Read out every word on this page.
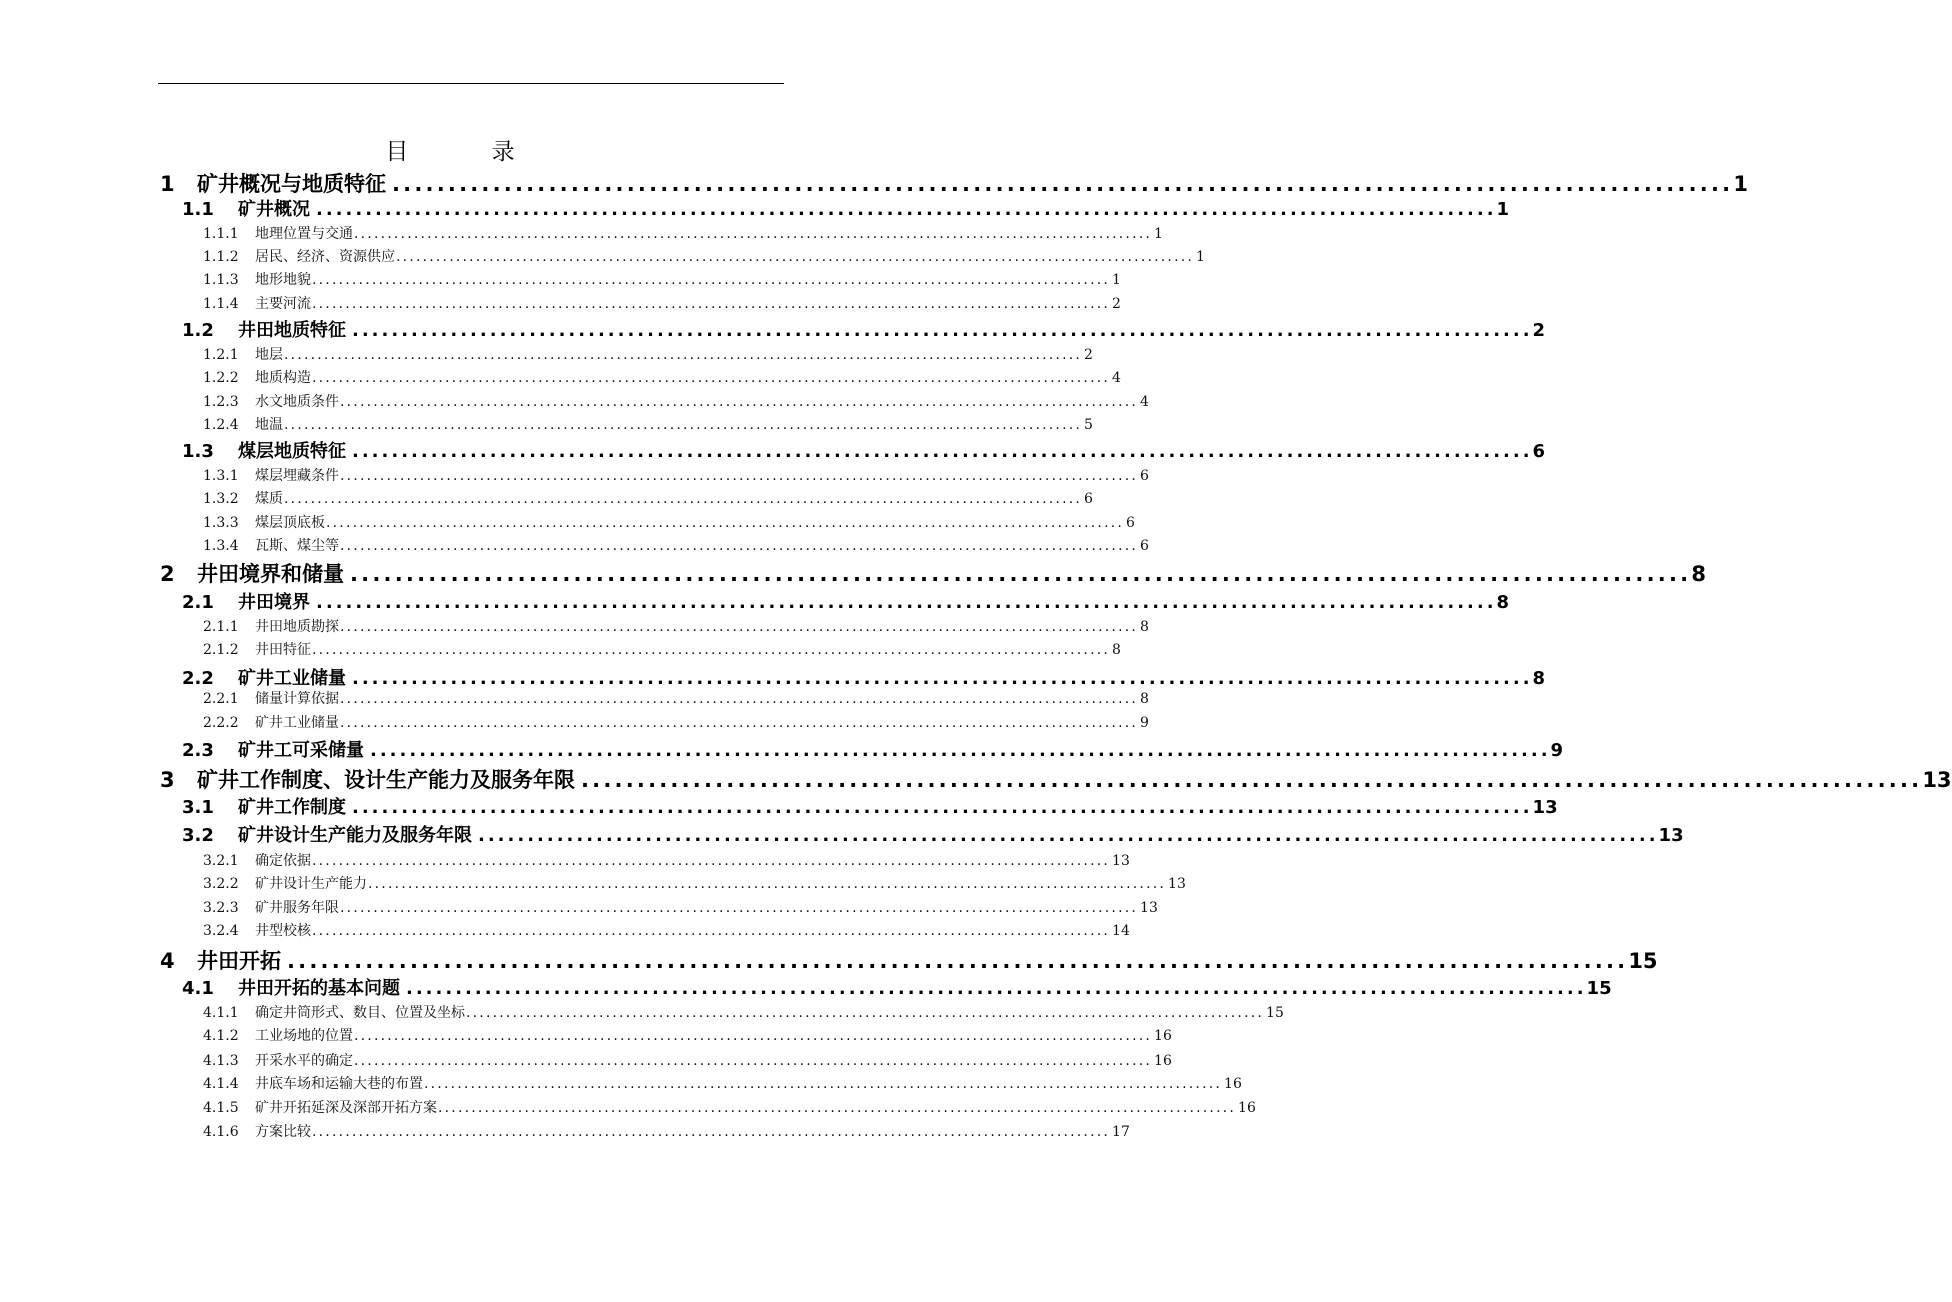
目 录
1	矿井概况与地质特征 ........................................................................................................................ 1
1.1	矿井概况 ........................................................................................................................ 1
1.1.1	地理位置与交通 ........................................................................................................................ 1
1.1.2	居民、经济、资源供应 ........................................................................................................................ 1
1.1.3	地形地貌 ........................................................................................................................ 1
1.1.4	主要河流 ........................................................................................................................ 2
1.2	井田地质特征 ........................................................................................................................ 2
1.2.1	地层 ........................................................................................................................ 2
1.2.2	地质构造 ........................................................................................................................ 4
1.2.3	水文地质条件 ........................................................................................................................ 4
1.2.4	地温 ........................................................................................................................ 5
1.3	煤层地质特征 ........................................................................................................................ 6
1.3.1	煤层埋藏条件 ........................................................................................................................ 6
1.3.2	煤质 ........................................................................................................................ 6
1.3.3	煤层顶底板 ........................................................................................................................ 6
1.3.4	瓦斯、煤尘等 ........................................................................................................................ 6
2	井田境界和储量 ........................................................................................................................ 8
2.1	井田境界 ........................................................................................................................ 8
2.1.1	井田地质勘探 ........................................................................................................................ 8
2.1.2	井田特征 ........................................................................................................................ 8
2.2	矿井工业储量 ........................................................................................................................ 8
2.2.1	储量计算依据 ........................................................................................................................ 8
2.2.2	矿井工业储量 ........................................................................................................................ 9
2.3	矿井工可采储量 ........................................................................................................................ 9
3	矿井工作制度、设计生产能力及服务年限 ........................................................................................................................ 13
3.1	矿井工作制度 ........................................................................................................................ 13
3.2	矿井设计生产能力及服务年限 ........................................................................................................................ 13
3.2.1	确定依据 ........................................................................................................................ 13
3.2.2	矿井设计生产能力 ........................................................................................................................ 13
3.2.3	矿井服务年限 ........................................................................................................................ 13
3.2.4	井型校核 ........................................................................................................................ 14
4	井田开拓 ........................................................................................................................ 15
4.1	井田开拓的基本问题 ........................................................................................................................ 15
4.1.1	确定井筒形式、数目、位置及坐标 ........................................................................................................................ 15
4.1.2	工业场地的位置 ........................................................................................................................ 16
4.1.3	开采水平的确定 ........................................................................................................................ 16
4.1.4	井底车场和运输大巷的布置 ........................................................................................................................ 16
4.1.5	矿井开拓延深及深部开拓方案 ........................................................................................................................ 16
4.1.6	方案比较 ........................................................................................................................ 17
